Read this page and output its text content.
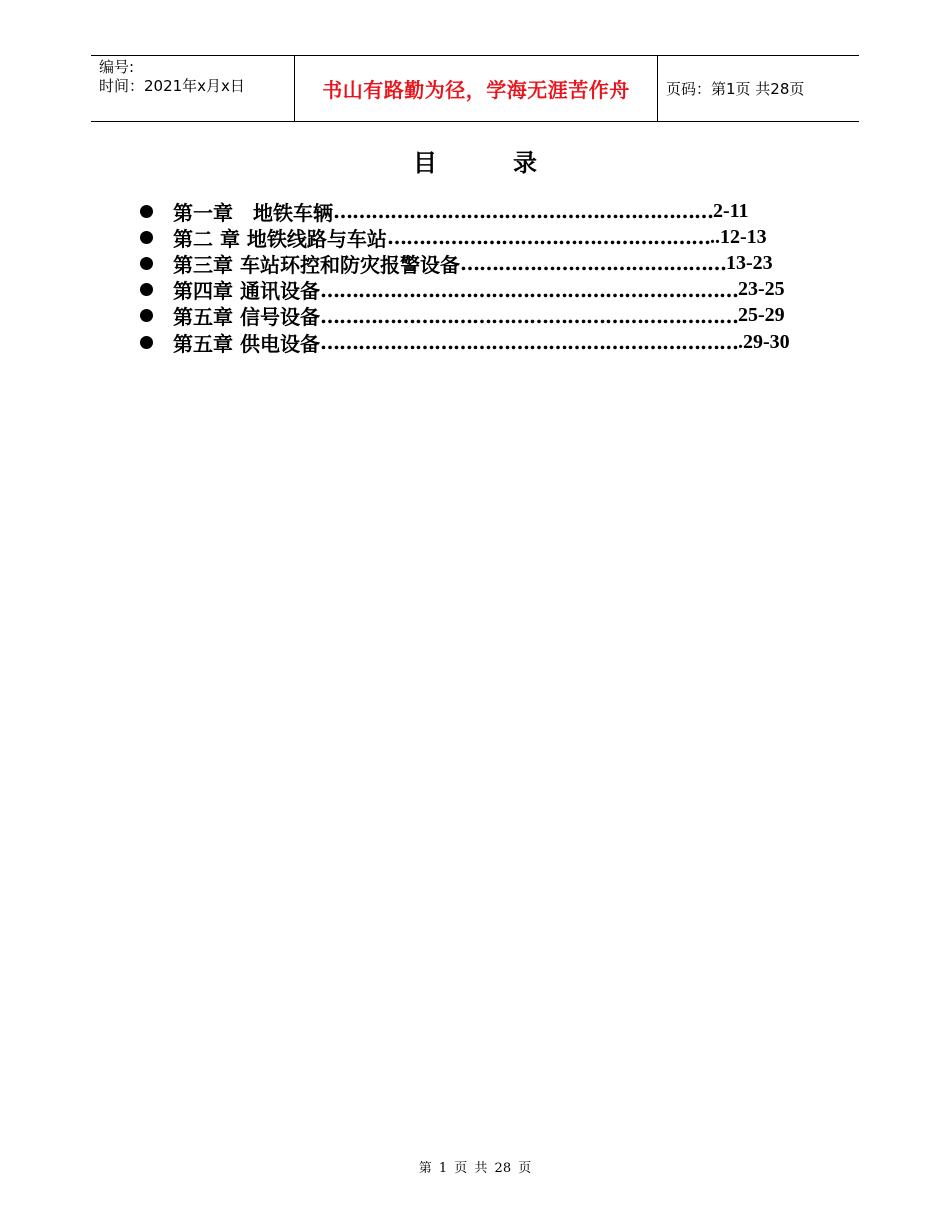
编号:
时间：2021年x月x日	书山有路勤为径，学海无涯苦作舟	页码：第1页 共28页
目录
第一章　地铁车辆 …………………………………………………… 2-11
第二 章 地铁线路与车站 …………………………………………… ..12-13
第三章 车站环控和防灾报警设备 …………………………………… 13-23
第四章 通讯设备 ………………………………………………………… 23-25
第五章 信号设备 ………………………………………………………… 25-29
第五章 供电设备 ………………………………………………………… .29-30
第 1 页 共 28 页
